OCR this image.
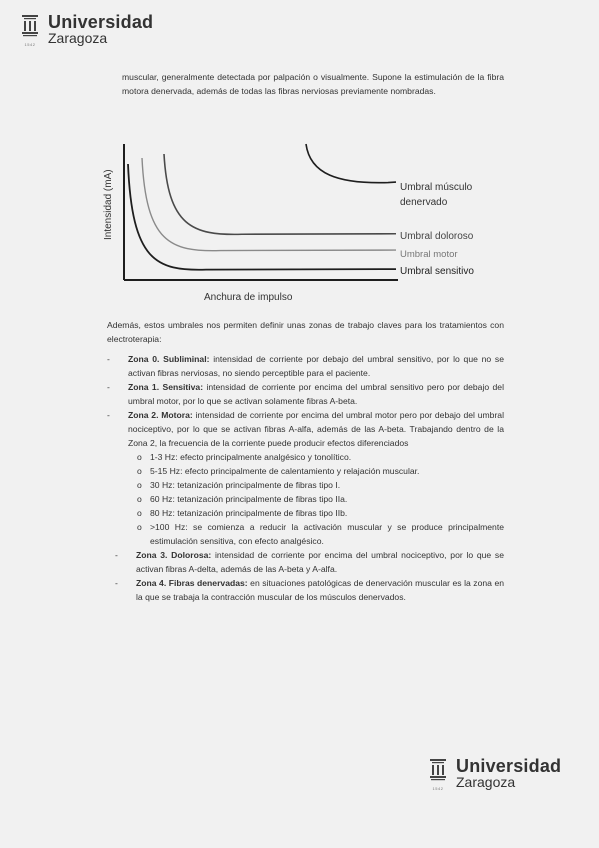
1542
Universidad
Zaragoza
muscular, generalmente detectada por palpación o visualmente. Supone la estimulación de la fibra motora denervada, además de todas las fibras nerviosas previamente nombradas.
Intensidad (mA)
Anchura de impulso
Umbral músculo
denervado
Umbral doloroso
Umbral motor
Umbral sensitivo
Además, estos umbrales nos permiten definir unas zonas de trabajo claves para los tratamientos con electroterapia:
- Zona 0. Subliminal: intensidad de corriente por debajo del umbral sensitivo, por lo que no se activan fibras nerviosas, no siendo perceptible para el paciente.
- Zona 1. Sensitiva: intensidad de corriente por encima del umbral sensitivo pero por debajo del umbral motor, por lo que se activan solamente fibras A-beta.
- Zona 2. Motora: intensidad de corriente por encima del umbral motor pero por debajo del umbral nociceptivo, por lo que se activan fibras A-alfa, además de las A-beta. Trabajando dentro de la Zona 2, la frecuencia de la corriente puede producir efectos diferenciados
o 1-3 Hz: efecto principalmente analgésico y tonolítico.
o 5-15 Hz: efecto principalmente de calentamiento y relajación muscular.
o 30 Hz: tetanización principalmente de fibras tipo I.
o 60 Hz: tetanización principalmente de fibras tipo IIa.
o 80 Hz: tetanización principalmente de fibras tipo IIb.
o >100 Hz: se comienza a reducir la activación muscular y se produce principalmente estimulación sensitiva, con efecto analgésico.
- Zona 3. Dolorosa: intensidad de corriente por encima del umbral nociceptivo, por lo que se activan fibras A-delta, además de las A-beta y A-alfa.
- Zona 4. Fibras denervadas: en situaciones patológicas de denervación muscular es la zona en la que se trabaja la contracción muscular de los músculos denervados.
1542
Universidad
Zaragoza
